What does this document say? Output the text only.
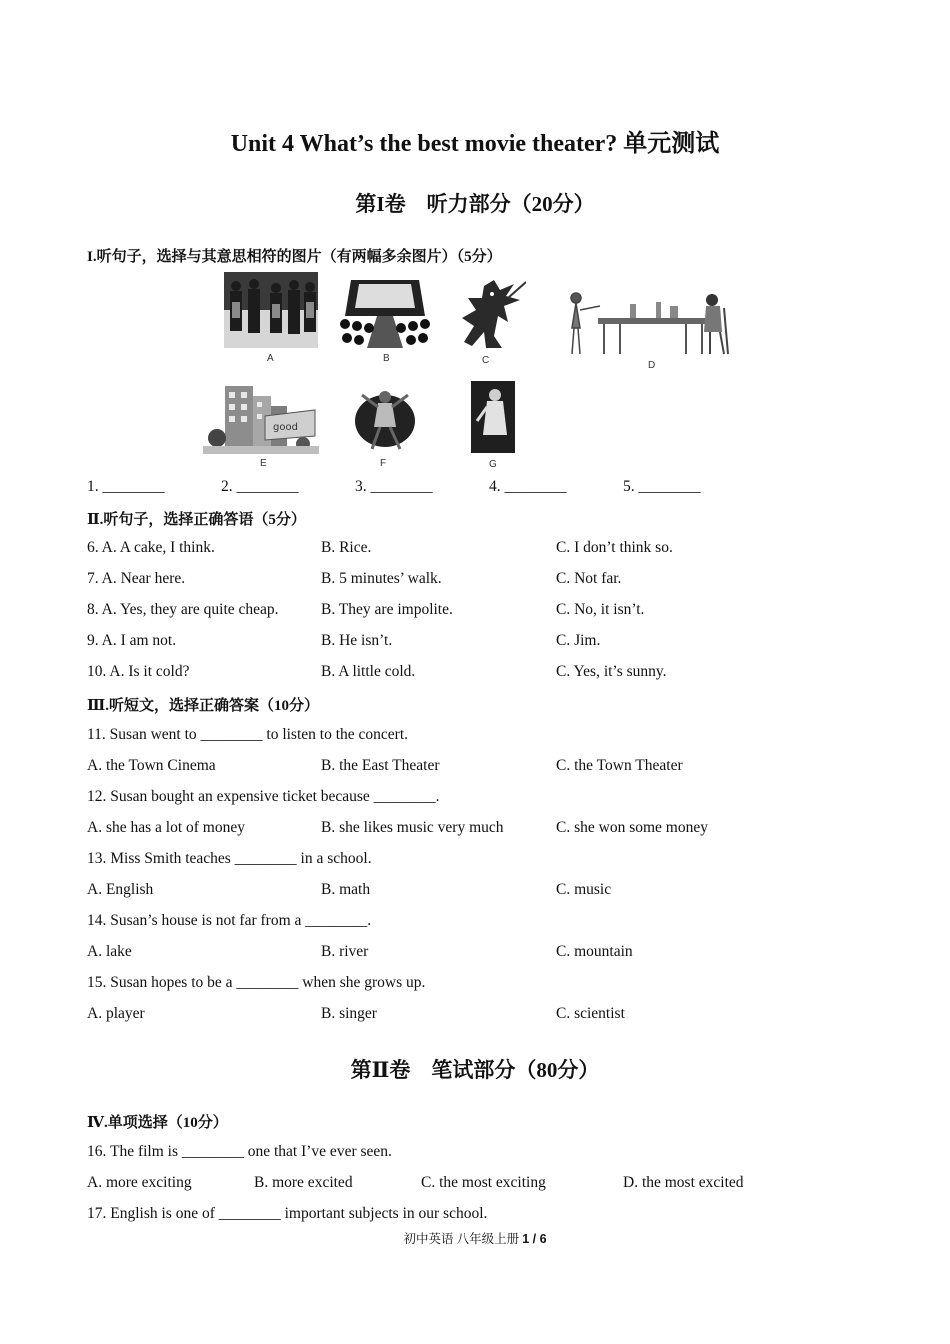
Unit 4 What’s the best movie theater? 单元测试
第I卷　听力部分（20分）
I.听句子，选择与其意思相符的图片（有两幅多余图片）（5分）
A	B	C	D
good
E	F	G
1. ________	2. ________	3. ________	4. ________	5. ________
Ⅱ.听句子，选择正确答语（5分）
6. A. A cake, I think.	B. Rice.	C. I don’t think so.
7. A. Near here.	B. 5 minutes’ walk.	C. Not far.
8. A. Yes, they are quite cheap.	B. They are impolite.	C. No, it isn’t.
9. A. I am not.	B. He isn’t.	C. Jim.
10. A. Is it cold?	B. A little cold.	C. Yes, it’s sunny.
Ⅲ.听短文，选择正确答案（10分）
11. Susan went to ________ to listen to the concert.
A. the Town Cinema	B. the East Theater	C. the Town Theater
12. Susan bought an expensive ticket because ________.
A. she has a lot of money	B. she likes music very much	C. she won some money
13. Miss Smith teaches ________ in a school.
A. English	B. math	C. music
14. Susan’s house is not far from a ________.
A. lake	B. river	C. mountain
15. Susan hopes to be a ________ when she grows up.
A. player	B. singer	C. scientist
第Ⅱ卷　笔试部分（80分）
Ⅳ.单项选择（10分）
16. The film is ________ one that I’ve ever seen.
A. more exciting	B. more excited	C. the most exciting	D. the most excited
17. English is one of ________ important subjects in our school.
初中英语 八年级上册 1 / 6
